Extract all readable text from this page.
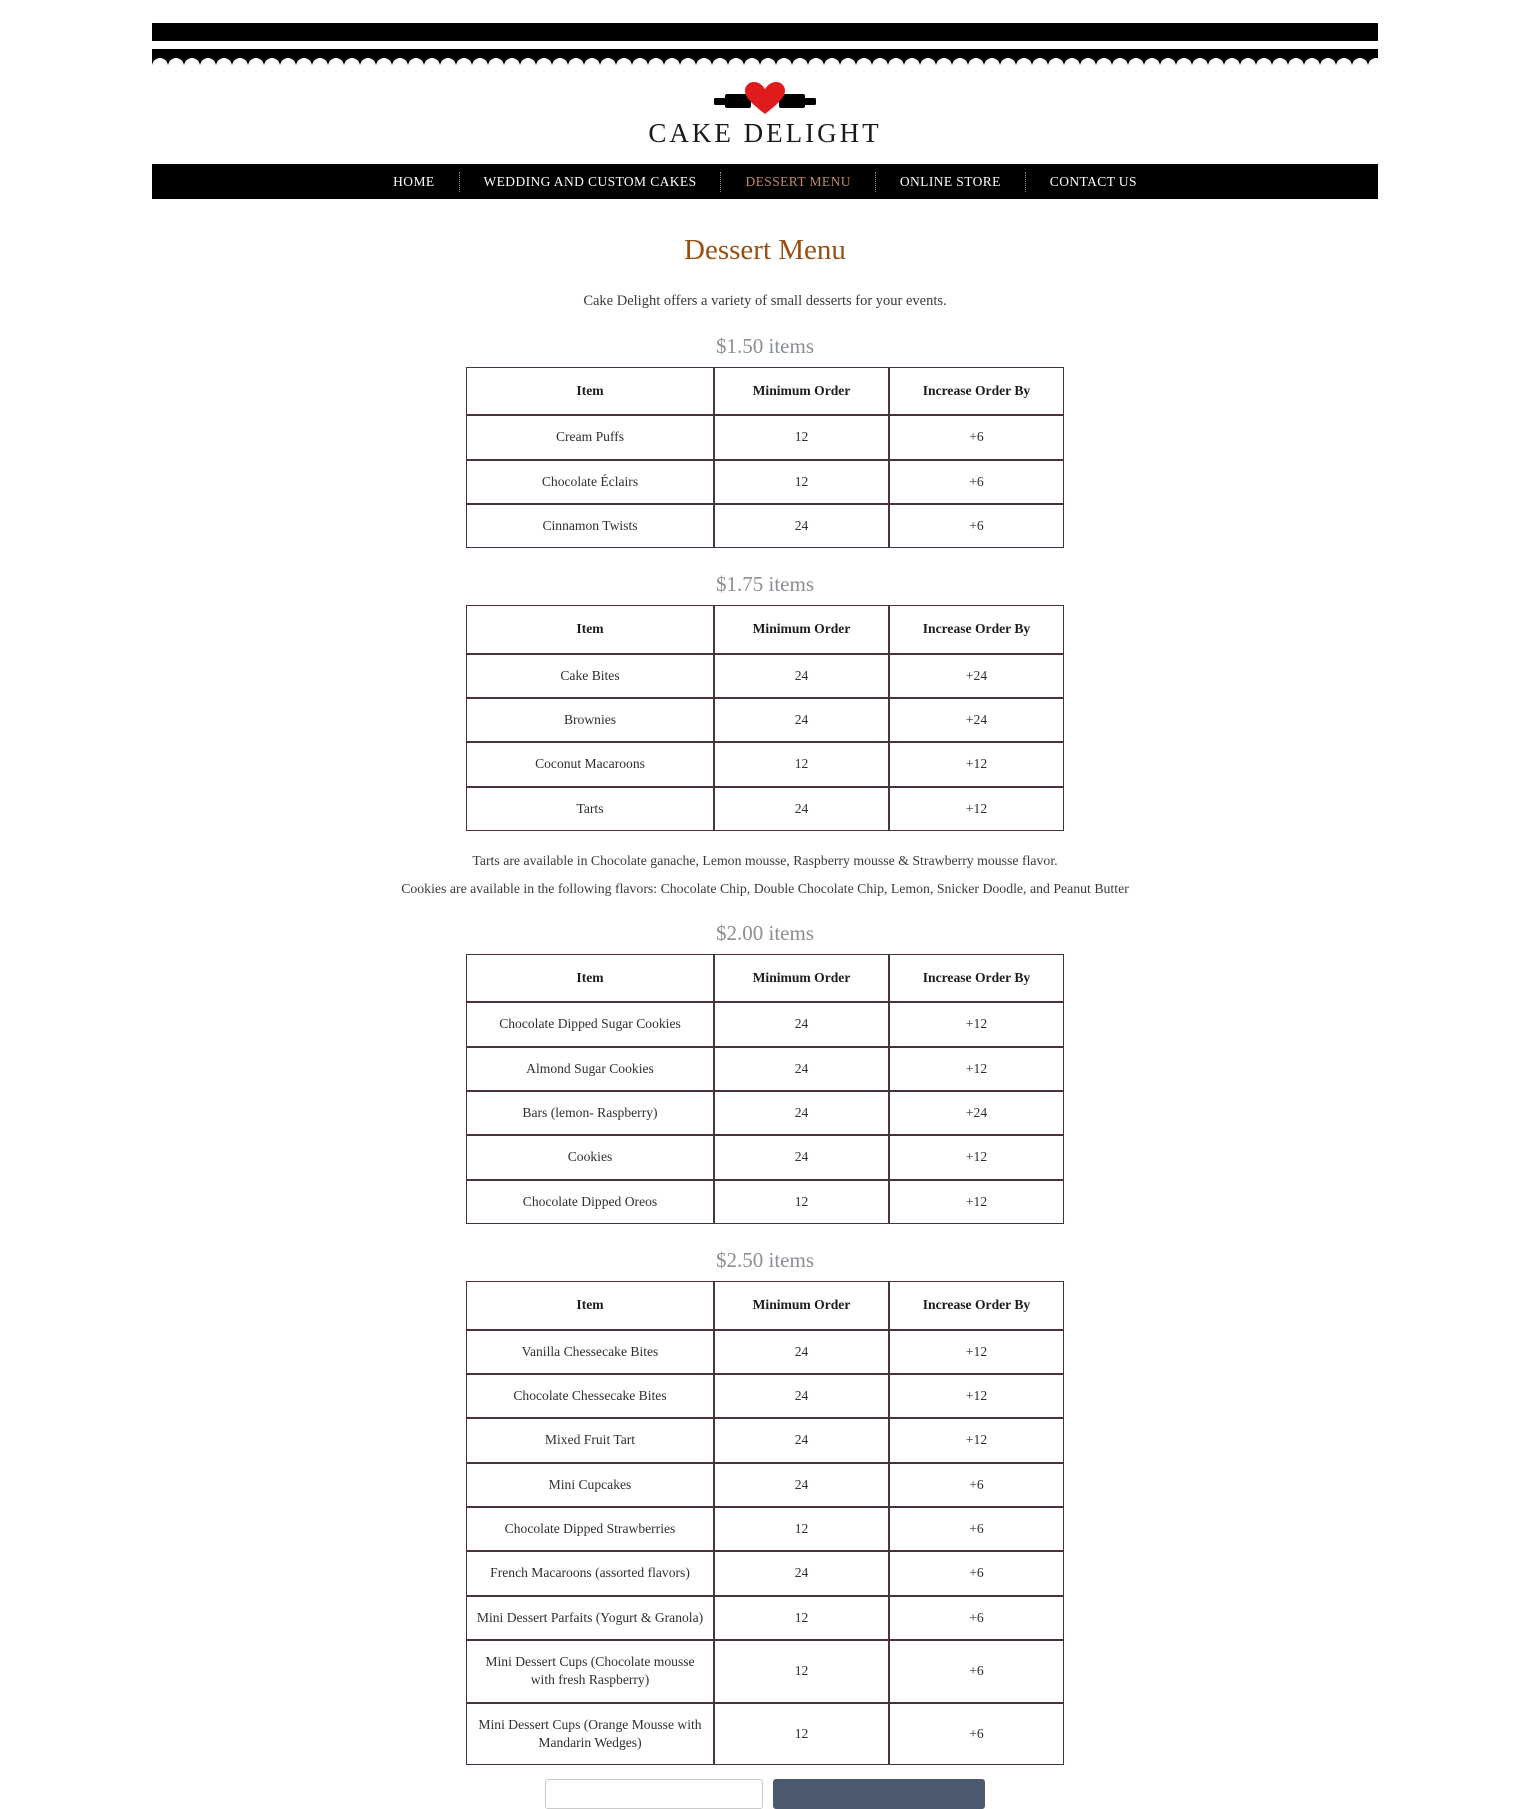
CAKE DELIGHT
HOME	WEDDING AND CUSTOM CAKES	DESSERT MENU	ONLINE STORE	CONTACT US
Dessert Menu

Cake Delight offers a variety of small desserts for your events.

$1.50 items
Item	Minimum Order	Increase Order By
Cream Puffs	12	+6
Chocolate Éclairs	12	+6
Cinnamon Twists	24	+6
$1.75 items
Item	Minimum Order	Increase Order By
Cake Bites	24	+24
Brownies	24	+24
Coconut Macaroons	12	+12
Tarts	24	+12

Tarts are available in Chocolate ganache, Lemon mousse, Raspberry mousse & Strawberry mousse flavor.

Cookies are available in the following flavors: Chocolate Chip, Double Chocolate Chip, Lemon, Snicker Doodle, and Peanut Butter

$2.00 items
Item	Minimum Order	Increase Order By
Chocolate Dipped Sugar Cookies	24	+12
Almond Sugar Cookies	24	+12
Bars (lemon- Raspberry)	24	+24
Cookies	24	+12
Chocolate Dipped Oreos	12	+12
$2.50 items
Item	Minimum Order	Increase Order By
Vanilla Chessecake Bites	24	+12
Chocolate Chessecake Bites	24	+12
Mixed Fruit Tart	24	+12
Mini Cupcakes	24	+6
Chocolate Dipped Strawberries	12	+6
French Macaroons (assorted flavors)	24	+6
Mini Dessert Parfaits (Yogurt & Granola)	12	+6
Mini Dessert Cups (Chocolate mousse with fresh Raspberry)	12	+6
Mini Dessert Cups (Orange Mousse with Mandarin Wedges)	12	+6
